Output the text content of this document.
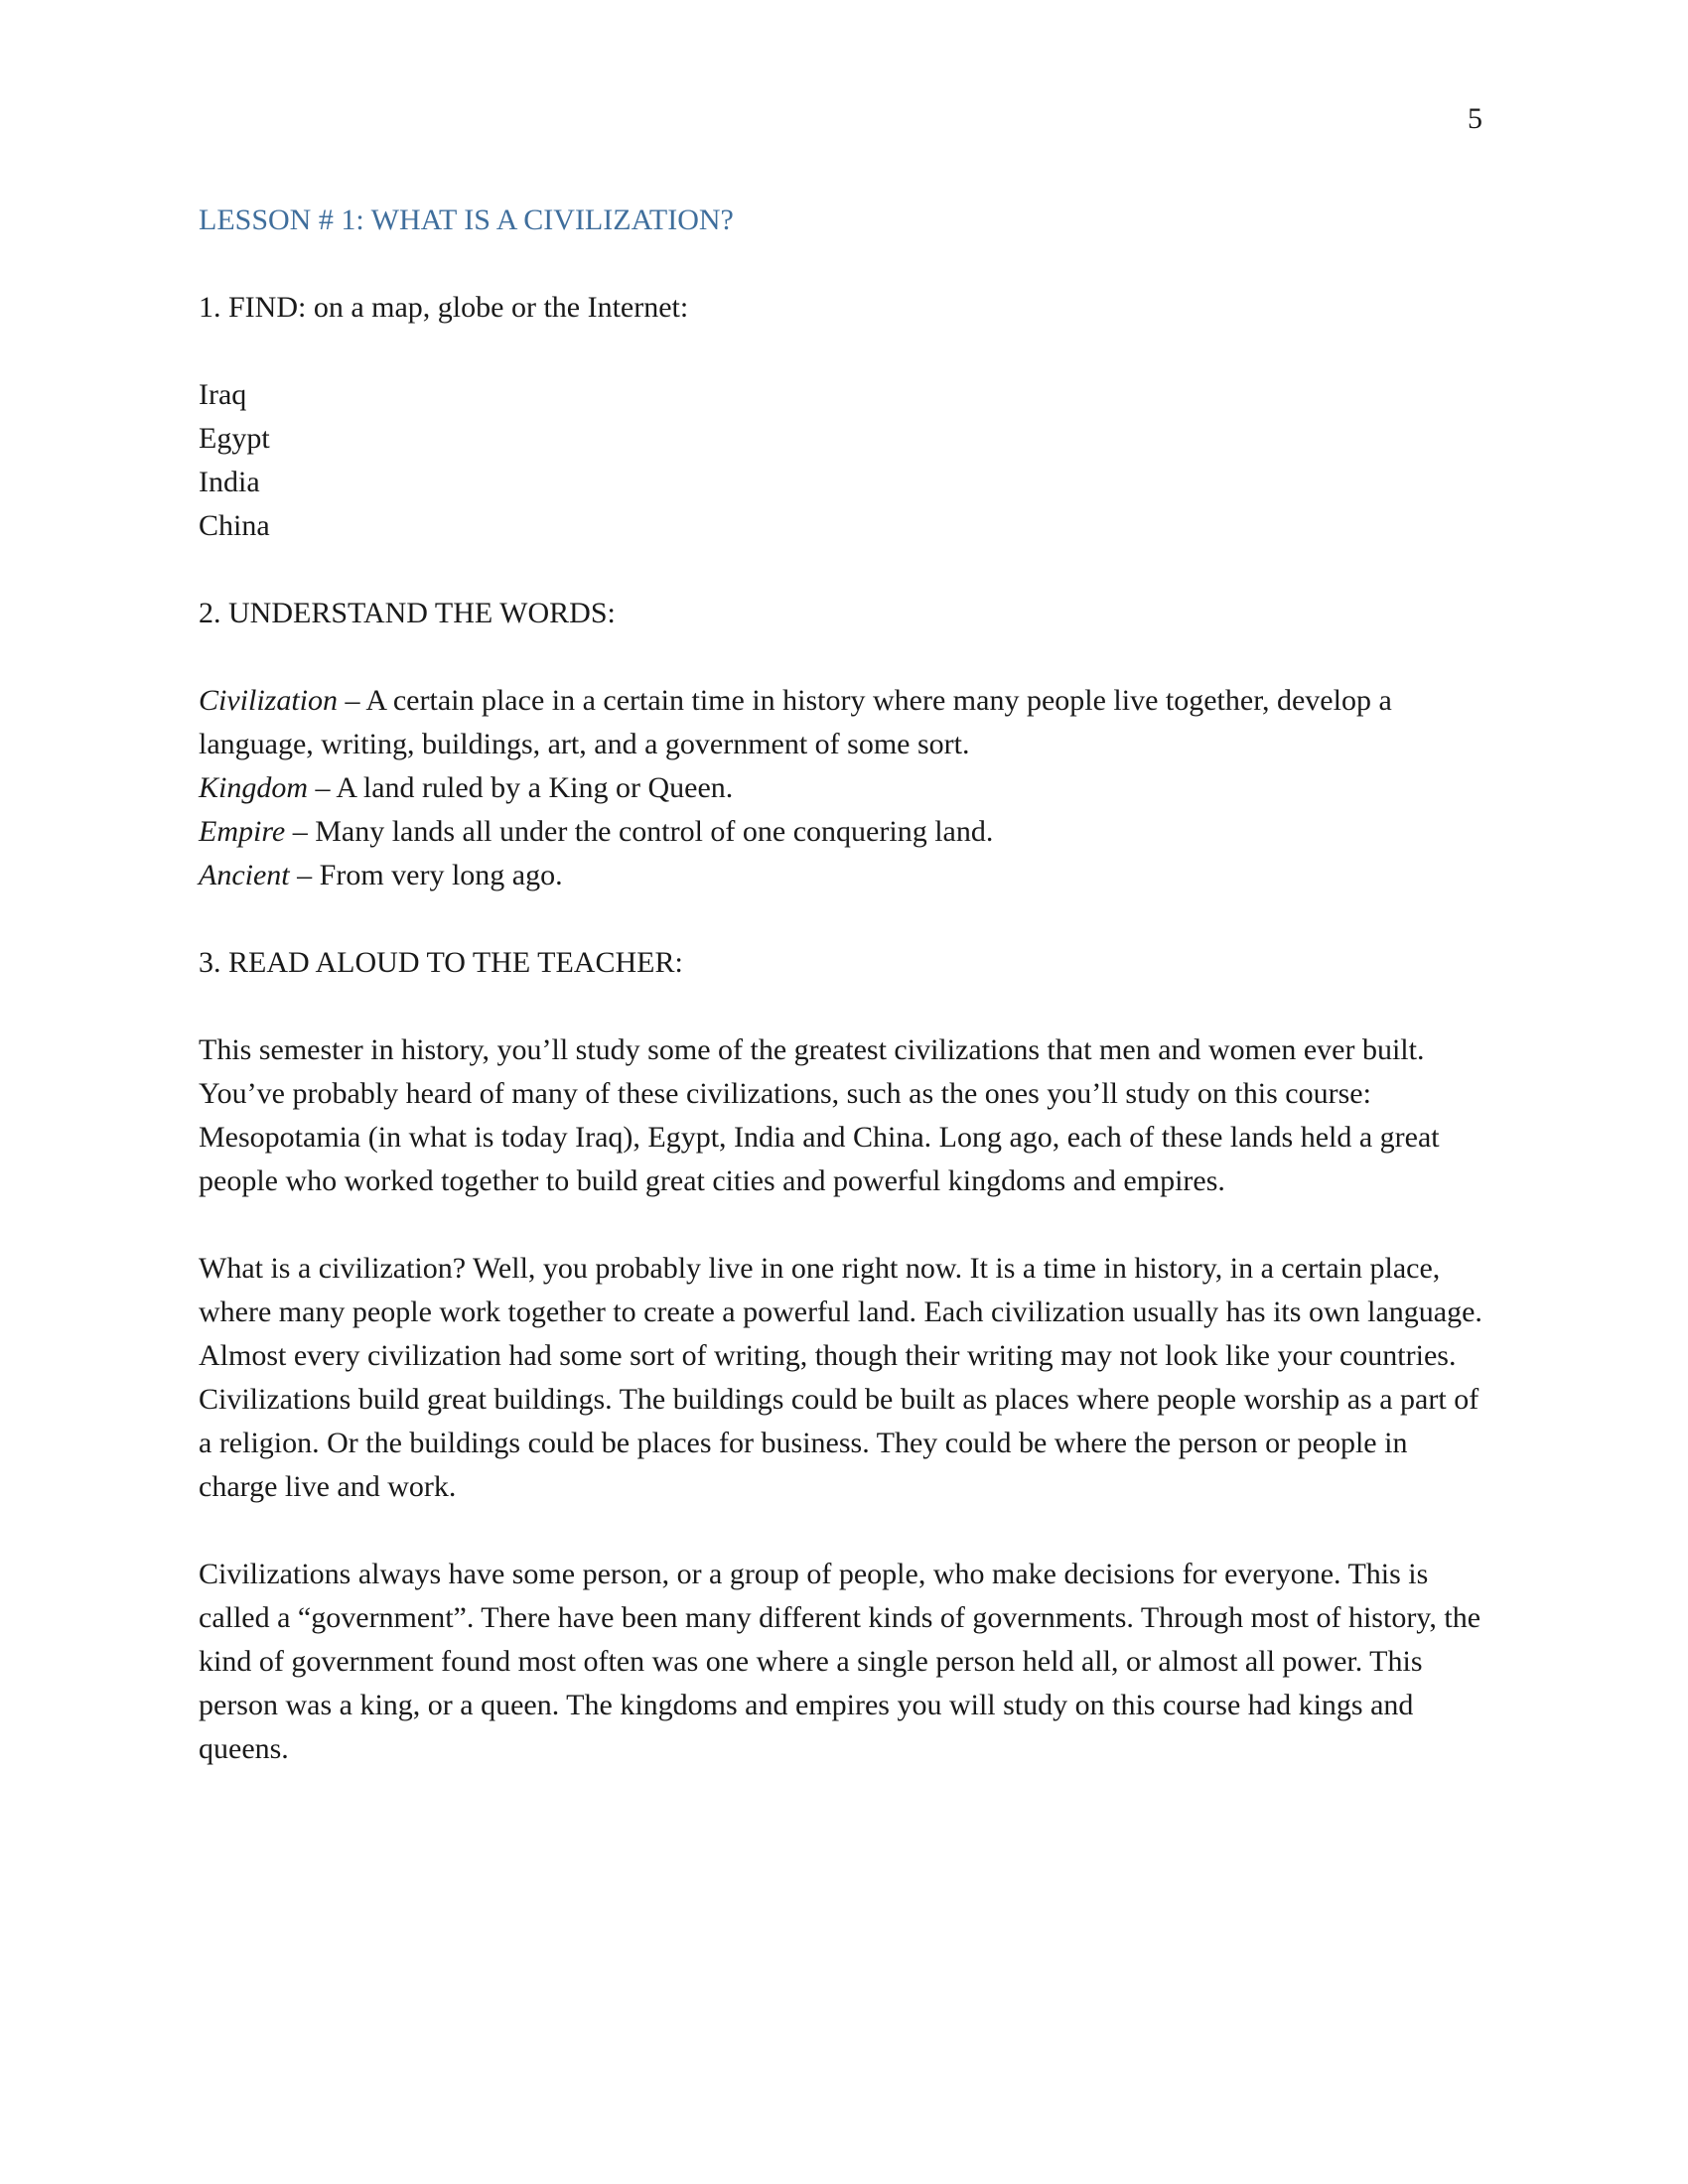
5
LESSON # 1: WHAT IS A CIVILIZATION?

1. FIND: on a map, globe or the Internet:

Iraq
Egypt
India
China

2. UNDERSTAND THE WORDS:

Civilization – A certain place in a certain time in history where many people live together, develop a language, writing, buildings, art, and a government of some sort.

Kingdom – A land ruled by a King or Queen.

Empire – Many lands all under the control of one conquering land.

Ancient – From very long ago.

3. READ ALOUD TO THE TEACHER:

This semester in history, you’ll study some of the greatest civilizations that men and women ever built. You’ve probably heard of many of these civilizations, such as the ones you’ll study on this course: Mesopotamia (in what is today Iraq), Egypt, India and China. Long ago, each of these lands held a great people who worked together to build great cities and powerful kingdoms and empires.

What is a civilization? Well, you probably live in one right now. It is a time in history, in a certain place, where many people work together to create a powerful land. Each civilization usually has its own language. Almost every civilization had some sort of writing, though their writing may not look like your countries. Civilizations build great buildings. The buildings could be built as places where people worship as a part of a religion. Or the buildings could be places for business. They could be where the person or people in charge live and work.

Civilizations always have some person, or a group of people, who make decisions for everyone. This is called a “government”. There have been many different kinds of governments. Through most of history, the kind of government found most often was one where a single person held all, or almost all power. This person was a king, or a queen. The kingdoms and empires you will study on this course had kings and queens.
